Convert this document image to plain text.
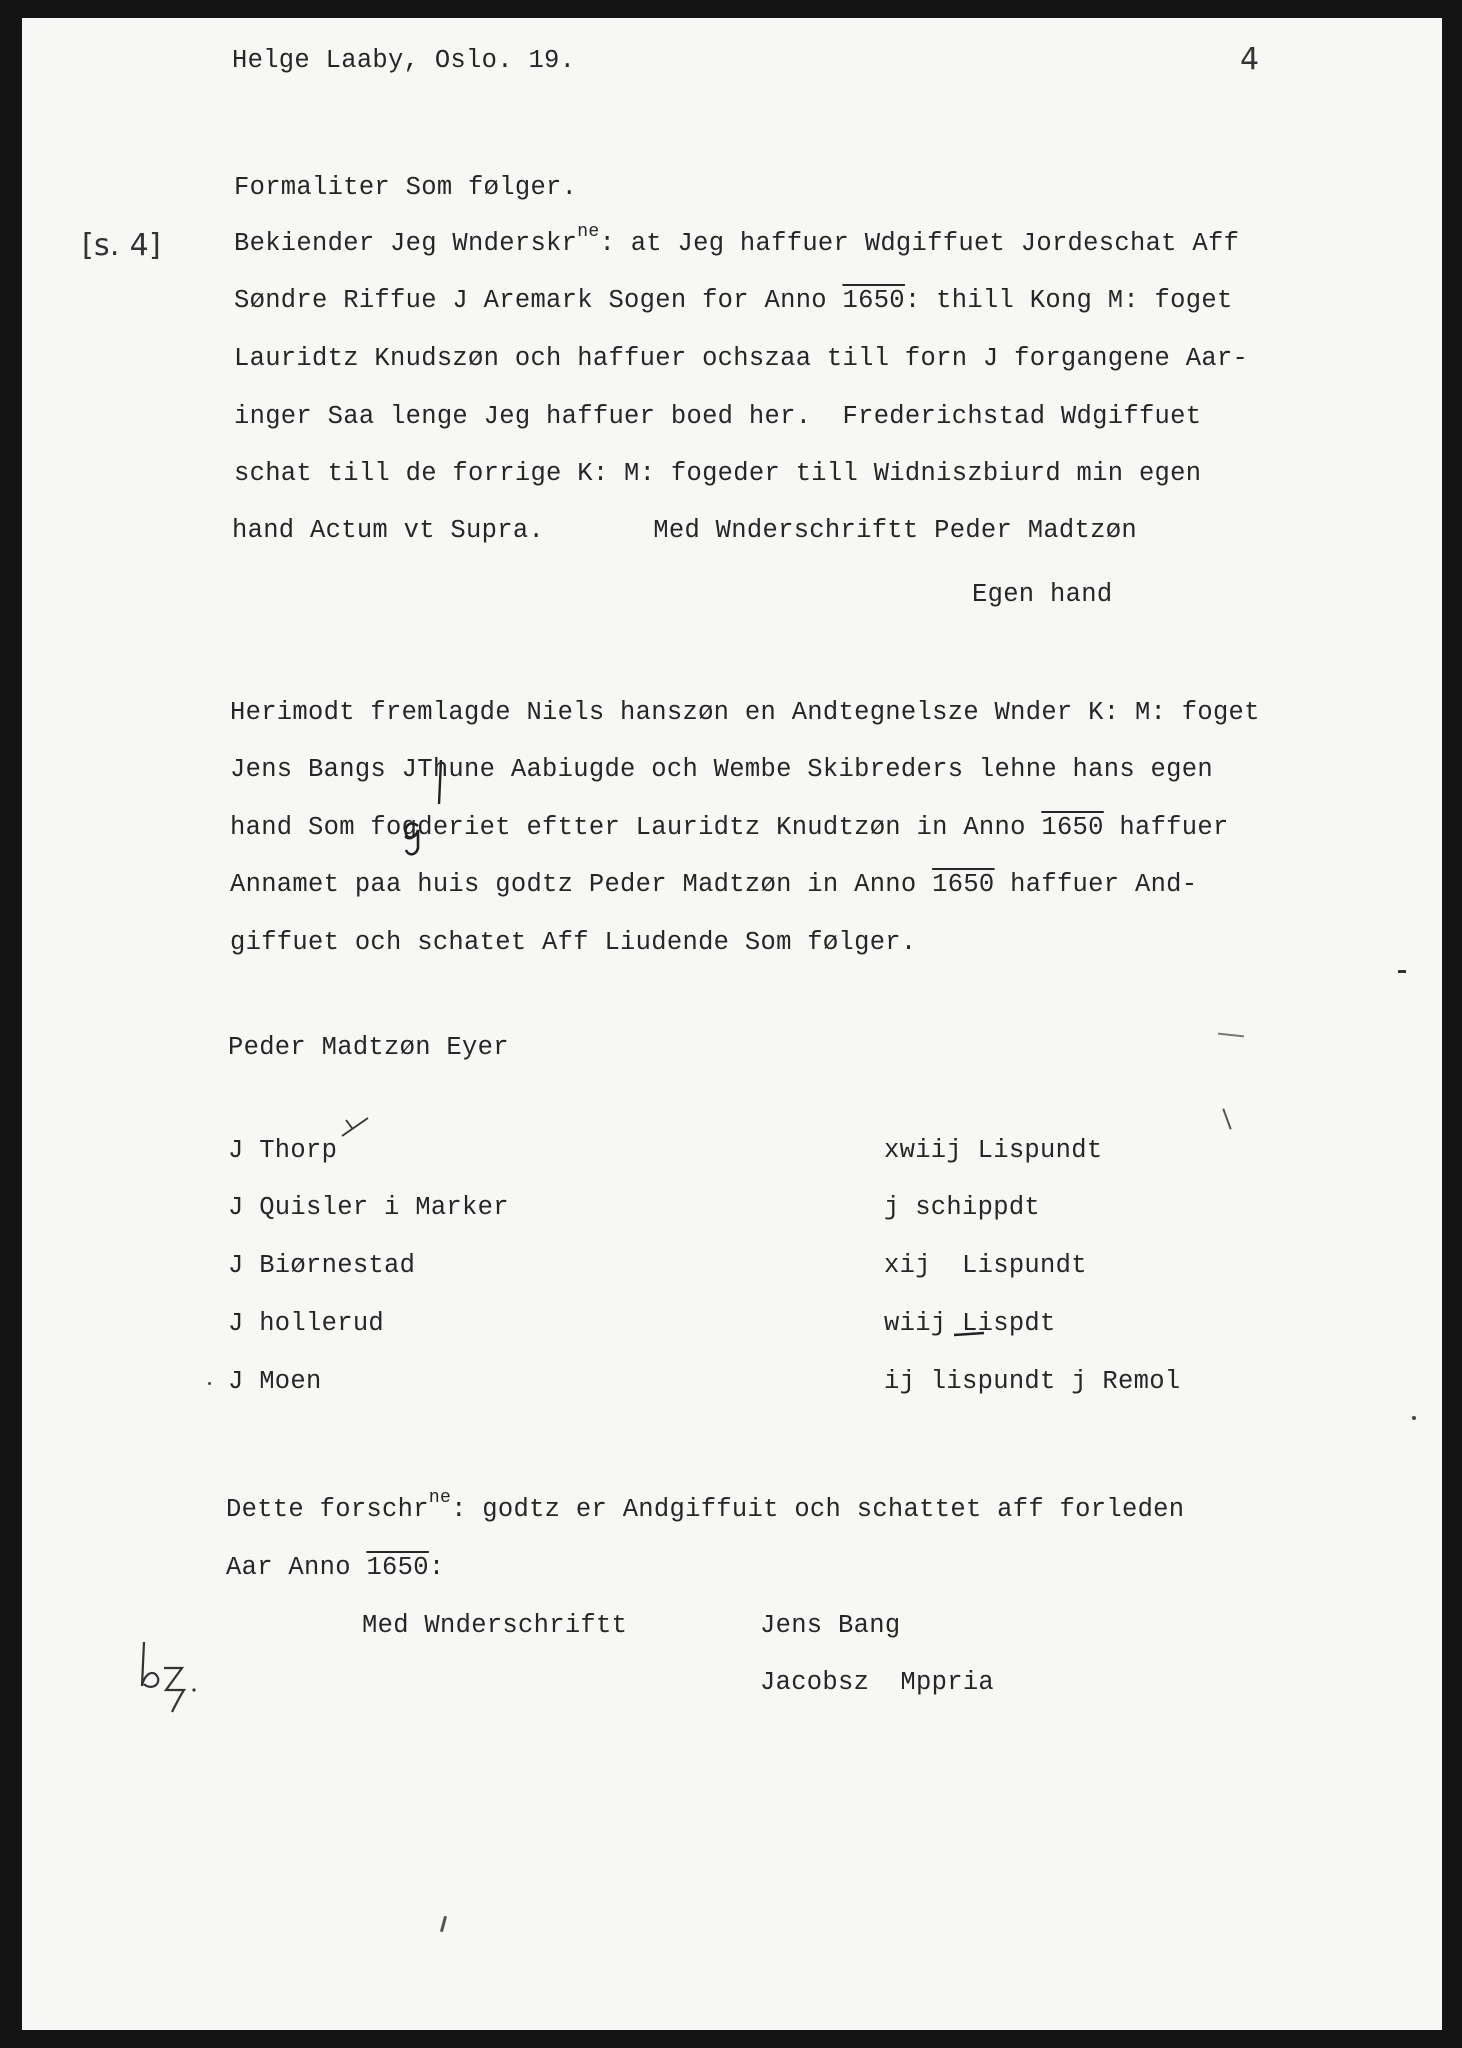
Helge Laaby, Oslo. 19.	4
Formaliter Som følger.
[s. 4]	Bekiender Jeg Wnderskr$^{ne}$: at Jeg haffuer Wdgiffuet Jordeschat Aff
Søndre Riffue J Aremark Sogen for Anno 1650: thill Kong M: foget
Lauridtz Knudszøn och haffuer ochszaa till forn J forgangene Aar-
inger Saa lenge Jeg haffuer boed her.  Frederichstad Wdgiffuet
schat till de forrige K: M: fogeder till Widniszbiurd min egen
hand Actum vt Supra.       Med Wnderschriftt Peder Madtzøn
Egen hand
Herimodt fremlagde Niels hanszøn en Andtegnelsze Wnder K: M: foget
Jens Bangs JThune Aabiugde och Wembe Skibreders lehne hans egen
hand Som fogderiet eftter Lauridtz Knudtzøn in Anno 1650 haffuer
Annamet paa huis godtz Peder Madtzøn in Anno 1650 haffuer And-
giffuet och schatet Aff Liudende Som følger.
Peder Madtzøn Eyer
J Thorp	xwiij Lispundt
J Quisler i Marker	j schippdt
J Biørnestad	xij  Lispundt
J hollerud	wiij Lispdt
J Moen	ij lispundt j Remol
Dette forschr$^{ne}$: godtz er Andgiffuit och schattet aff forleden
Aar Anno 1650:
Med Wnderschriftt	Jens Bang
Jacobsz  Mppria
